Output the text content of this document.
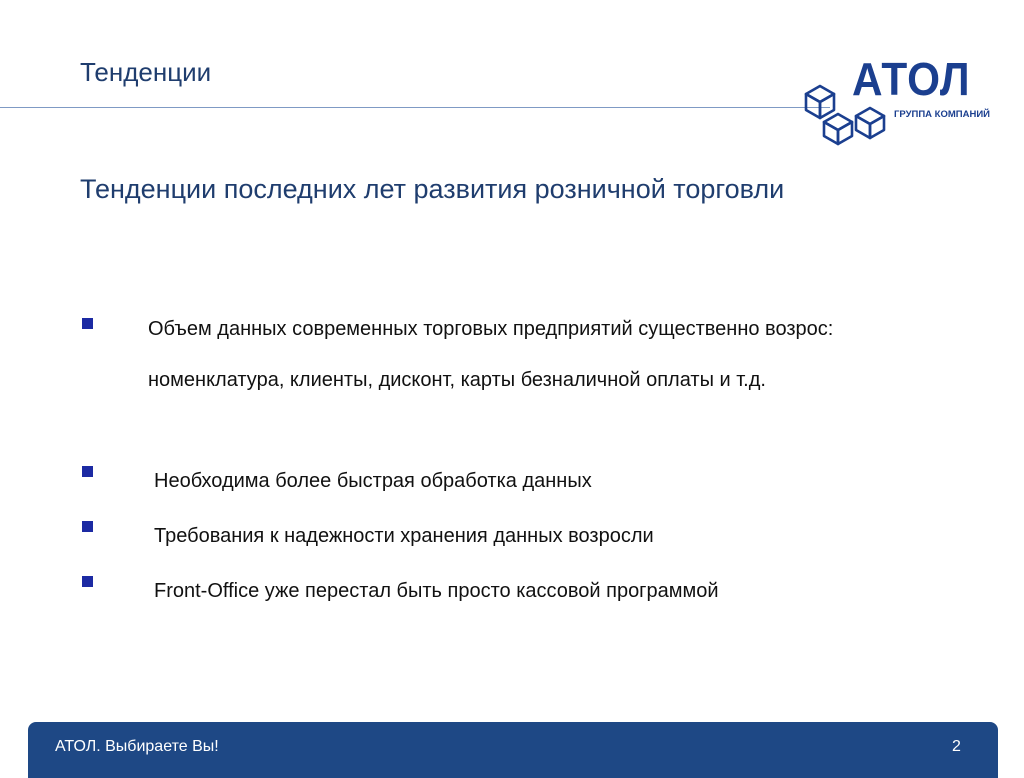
Тенденции	АТОЛ
ГРУППА КОМПАНИЙ
Тенденции последних лет развития розничной торговли
Объем данных современных торговых предприятий существенно возрос: номенклатура, клиенты, дисконт, карты безналичной оплаты и т.д.
Необходима более быстрая обработка данных
Требования к надежности хранения данных возросли
Front-Office уже перестал быть просто кассовой программой
АТОЛ. Выбираете Вы!	2
